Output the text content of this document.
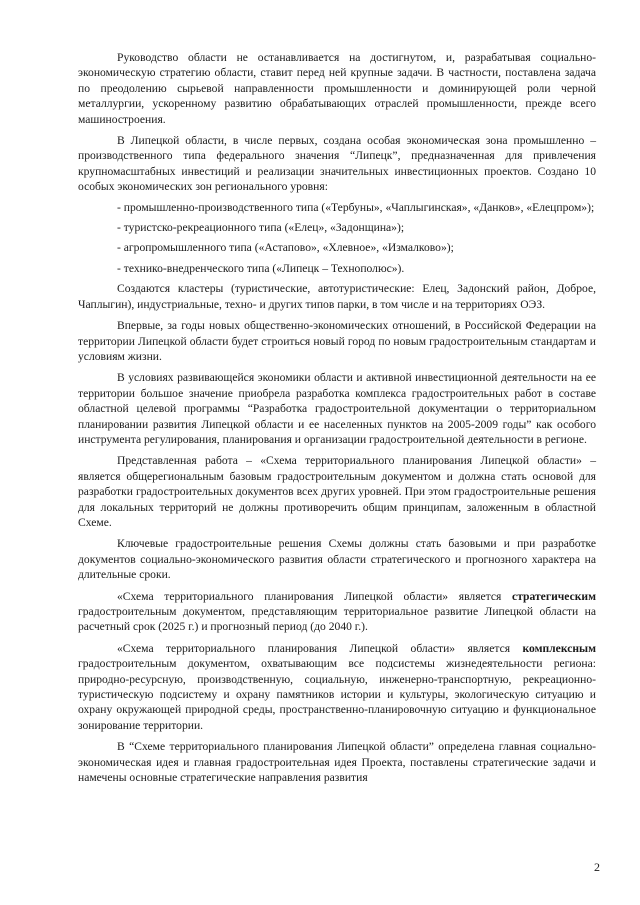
Руководство области не останавливается на достигнутом, и, разрабатывая социально-экономическую стратегию области, ставит перед ней крупные задачи. В частности, поставлена задача по преодолению сырьевой направленности промышленности и доминирующей роли черной металлургии, ускоренному развитию обрабатывающих отраслей промышленности, прежде всего машиностроения.

В Липецкой области, в числе первых, создана особая экономическая зона промышленно – производственного типа федерального значения “Липецк”, предназначенная для привлечения крупномасштабных инвестиций и реализации значительных инвестиционных проектов. Создано 10 особых экономических зон регионального уровня:

- промышленно-производственного типа («Тербуны», «Чаплыгинская», «Данков», «Елецпром»);

- туристско-рекреационного типа («Елец», «Задонщина»);

- агропромышленного типа («Астапово», «Хлевное», «Измалково»);

- технико-внедренческого типа («Липецк – Технополюс»).

Создаются кластеры (туристические, автотуристические: Елец, Задонский район, Доброе, Чаплыгин), индустриальные, техно- и других типов парки, в том числе и на территориях ОЭЗ.

Впервые, за годы новых общественно-экономических отношений, в Российской Федерации на территории Липецкой области будет строиться новый город по новым градостроительным стандартам и условиям жизни.

В условиях развивающейся экономики области и активной инвестиционной деятельности на ее территории большое значение приобрела разработка комплекса градостроительных работ в составе областной целевой программы “Разработка градостроительной документации о территориальном планировании развития Липецкой области и ее населенных пунктов на 2005-2009 годы” как особого инструмента регулирования, планирования и организации градостроительной деятельности в регионе.

Представленная работа – «Схема территориального планирования Липецкой области» – является общерегиональным базовым градостроительным документом и должна стать основой для разработки градостроительных документов всех других уровней. При этом градостроительные решения для локальных территорий не должны противоречить общим принципам, заложенным в областной Схеме.

Ключевые градостроительные решения Схемы должны стать базовыми и при разработке документов социально-экономического развития области стратегического и прогнозного характера на длительные сроки.

«Схема территориального планирования Липецкой области» является стратегическим градостроительным документом, представляющим территориальное развитие Липецкой области на расчетный срок (2025 г.) и прогнозный период (до 2040 г.).

«Схема территориального планирования Липецкой области» является комплексным градостроительным документом, охватывающим все подсистемы жизнедеятельности региона: природно-ресурсную, производственную, социальную, инженерно-транспортную, рекреационно-туристическую подсистему и охрану памятников истории и культуры, экологическую ситуацию и охрану окружающей природной среды, пространственно-планировочную ситуацию и функциональное зонирование территории.

В “Схеме территориального планирования Липецкой области” определена главная социально-экономическая идея и главная градостроительная идея Проекта, поставлены стратегические задачи и намечены основные стратегические направления развития

2
